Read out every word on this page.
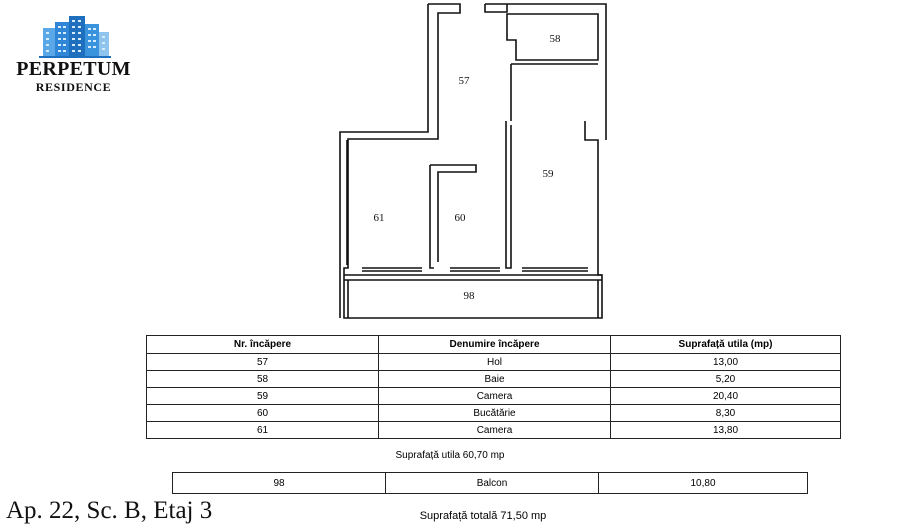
PERPETUM
RESIDENCE	57
58
59
60
61
98
Nr. încăpere	Denumire încăpere	Suprafață utila (mp)
57	Hol	13,00
58	Baie	5,20
59	Camera	20,40
60	Bucătărie	8,30
61	Camera	13,80
Suprafață utila 60,70 mp
98	Balcon	10,80
Ap. 22, Sc. B, Etaj 3	Suprafață totală 71,50 mp
